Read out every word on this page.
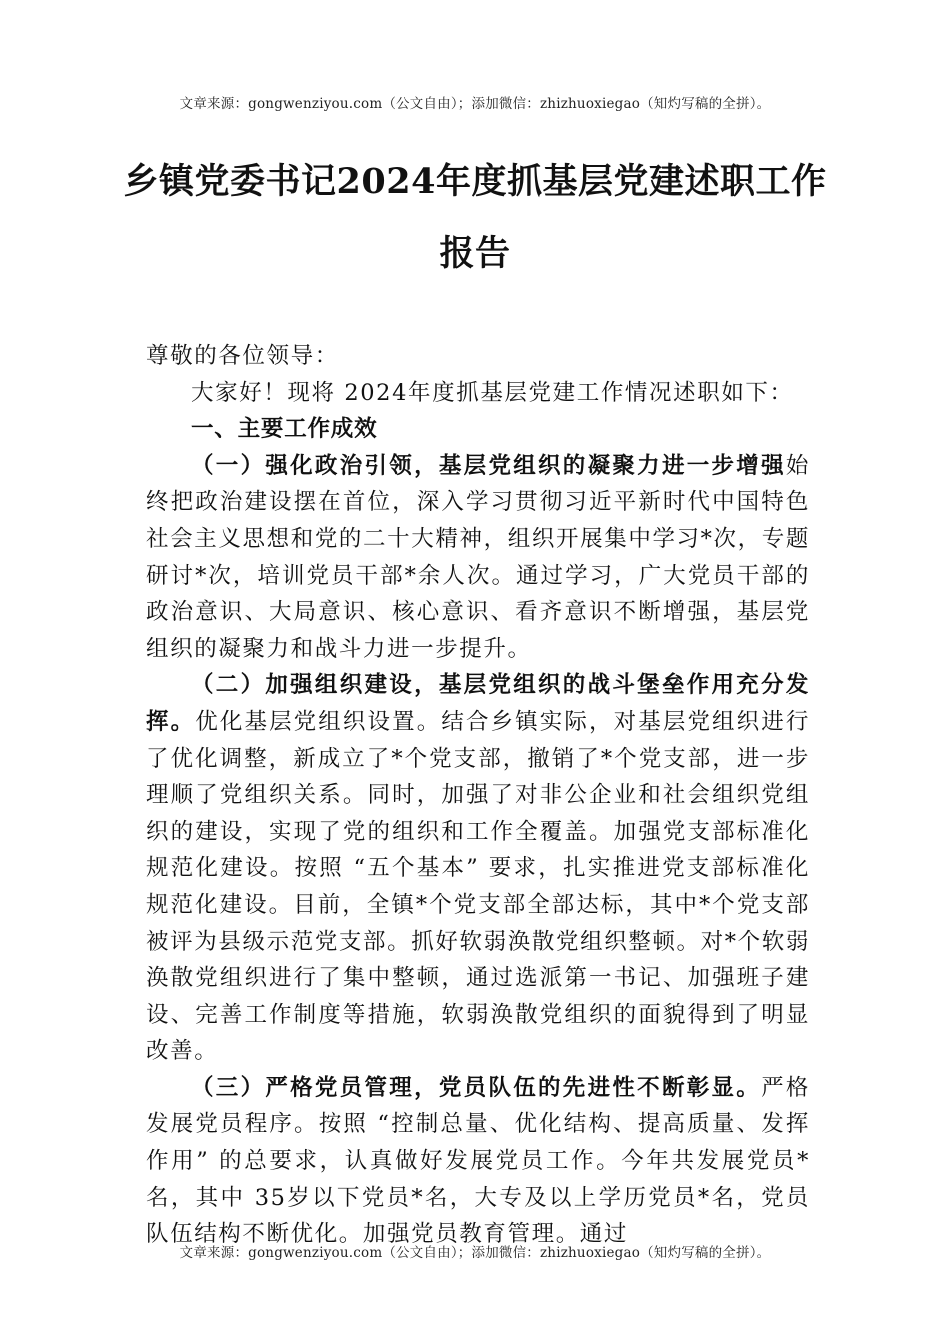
文章来源：gongwenziyou.com（公文自由）；添加微信：zhizhuoxiegao（知灼写稿的全拼）。
乡镇党委书记2024年度抓基层党建述职工作报告

尊敬的各位领导：

大家好！现将 2024年度抓基层党建工作情况述职如下：

一、主要工作成效

（一）强化政治引领，基层党组织的凝聚力进一步增强始终把政治建设摆在首位，深入学习贯彻习近平新时代中国特色社会主义思想和党的二十大精神，组织开展集中学习*次，专题研讨*次，培训党员干部*余人次。通过学习，广大党员干部的政治意识、大局意识、核心意识、看齐意识不断增强，基层党组织的凝聚力和战斗力进一步提升。

（二）加强组织建设，基层党组织的战斗堡垒作用充分发挥。优化基层党组织设置。结合乡镇实际，对基层党组织进行了优化调整，新成立了*个党支部，撤销了*个党支部，进一步理顺了党组织关系。同时，加强了对非公企业和社会组织党组织的建设，实现了党的组织和工作全覆盖。加强党支部标准化规范化建设。按照 “五个基本” 要求，扎实推进党支部标准化规范化建设。目前，全镇*个党支部全部达标，其中*个党支部被评为县级示范党支部。抓好软弱涣散党组织整顿。对*个软弱涣散党组织进行了集中整顿，通过选派第一书记、加强班子建设、完善工作制度等措施，软弱涣散党组织的面貌得到了明显改善。

（三）严格党员管理，党员队伍的先进性不断彰显。严格发展党员程序。按照 “控制总量、优化结构、提高质量、发挥作用” 的总要求，认真做好发展党员工作。今年共发展党员*名，其中 35岁以下党员*名，大专及以上学历党员*名，党员队伍结构不断优化。加强党员教育管理。通过

文章来源：gongwenziyou.com（公文自由）；添加微信：zhizhuoxiegao（知灼写稿的全拼）。
